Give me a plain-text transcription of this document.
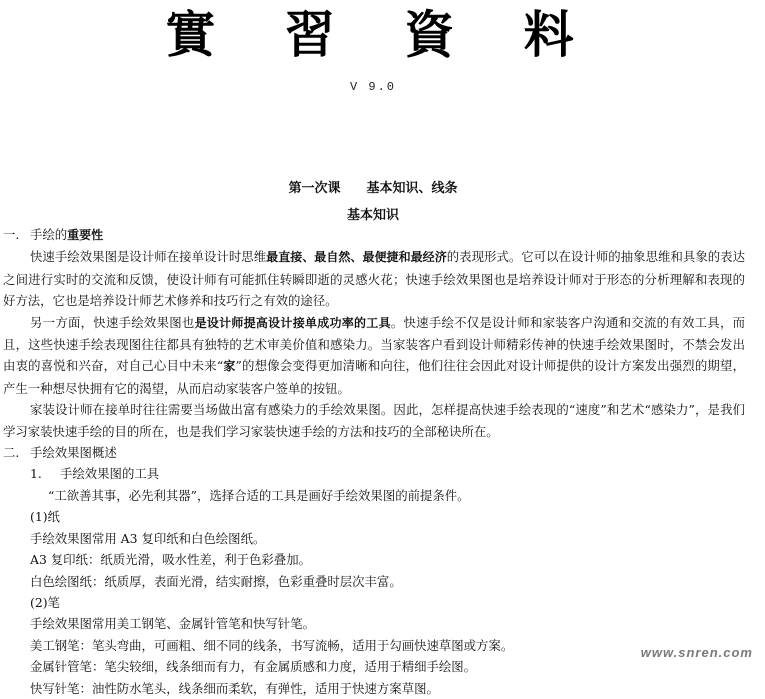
實 習 資 料
V 9.0
第一次课 基本知识、线条
基本知识

一. 手绘的重要性

快速手绘效果图是设计师在接单设计时思维最直接、最自然、最便捷和最经济的表现形式。它可以在设计师的抽象思维和具象的表达之间进行实时的交流和反馈，使设计师有可能抓住转瞬即逝的灵感火花；快速手绘效果图也是培养设计师对于形态的分析理解和表现的好方法，它也是培养设计师艺术修养和技巧行之有效的途径。

另一方面，快速手绘效果图也是设计师提高设计接单成功率的工具。快速手绘不仅是设计师和家装客户沟通和交流的有效工具，而且，这些快速手绘表现图往往都具有独特的艺术审美价值和感染力。当家装客户看到设计师精彩传神的快速手绘效果图时，不禁会发出由衷的喜悦和兴奋，对自己心目中未来“家”的想像会变得更加清晰和向往，他们往往会因此对设计师提供的设计方案发出强烈的期望，产生一种想尽快拥有它的渴望，从而启动家装客户签单的按钮。

家装设计师在接单时往往需要当场做出富有感染力的手绘效果图。因此，怎样提高快速手绘表现的“速度”和艺术“感染力”，是我们学习家装快速手绘的目的所在，也是我们学习家装快速手绘的方法和技巧的全部秘诀所在。

二. 手绘效果图概述

1. 手绘效果图的工具

“工欲善其事，必先利其器”，选择合适的工具是画好手绘效果图的前提条件。

(1)纸

手绘效果图常用 A3 复印纸和白色绘图纸。

A3 复印纸：纸质光滑，吸水性差，利于色彩叠加。

白色绘图纸：纸质厚，表面光滑，结实耐擦，色彩重叠时层次丰富。

(2)笔

手绘效果图常用美工钢笔、金属针管笔和快写针笔。

美工钢笔：笔头弯曲，可画粗、细不同的线条，书写流畅，适用于勾画快速草图或方案。

金属针管笔：笔尖较细，线条细而有力，有金属质感和力度，适用于精细手绘图。

快写针笔：油性防水笔头，线条细而柔软，有弹性，适用于快速方案草图。

www.snren.com
